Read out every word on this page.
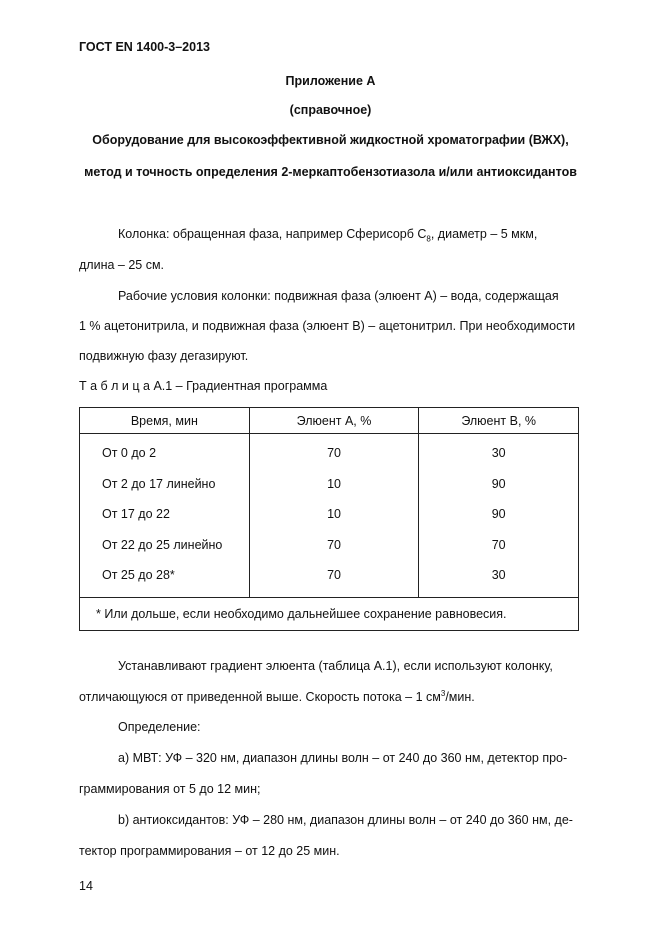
ГОСТ EN 1400-3–2013
Приложение А
(справочное)
Оборудование для высокоэффективной жидкостной хроматографии (ВЖХ),
метод и точность определения 2-меркаптобензотиазола и/или антиоксидантов
Колонка: обращенная фаза, например Сферисорб $С_8$, диаметр – 5 мкм,
длина – 25 см.
Рабочие условия колонки: подвижная фаза (элюент А) – вода, содержащая
1 % ацетонитрила, и подвижная фаза (элюент В) – ацетонитрил. При необходимости
подвижную фазу дегазируют.
Т а б л и ц а А.1 – Градиентная программа
Время, мин	Элюент А, %	Элюент В, %
От 0 до 2	70	30
От 2 до 17 линейно	10	90
От 17 до 22	10	90
От 22 до 25 линейно	70	70
От 25 до 28*	70	30
* Или дольше, если необходимо дальнейшее сохранение равновесия.		
Устанавливают градиент элюента (таблица А.1), если используют колонку,
отличающуюся от приведенной выше. Скорость потока – 1 $см^3$/мин.
Определение:
a) МВТ: УФ – 320 нм, диапазон длины волн – от 240 до 360 нм, детектор про-
граммирования от 5 до 12 мин;
b) антиоксидантов: УФ – 280 нм, диапазон длины волн – от 240 до 360 нм, де-
тектор программирования – от 12 до 25 мин.
14
